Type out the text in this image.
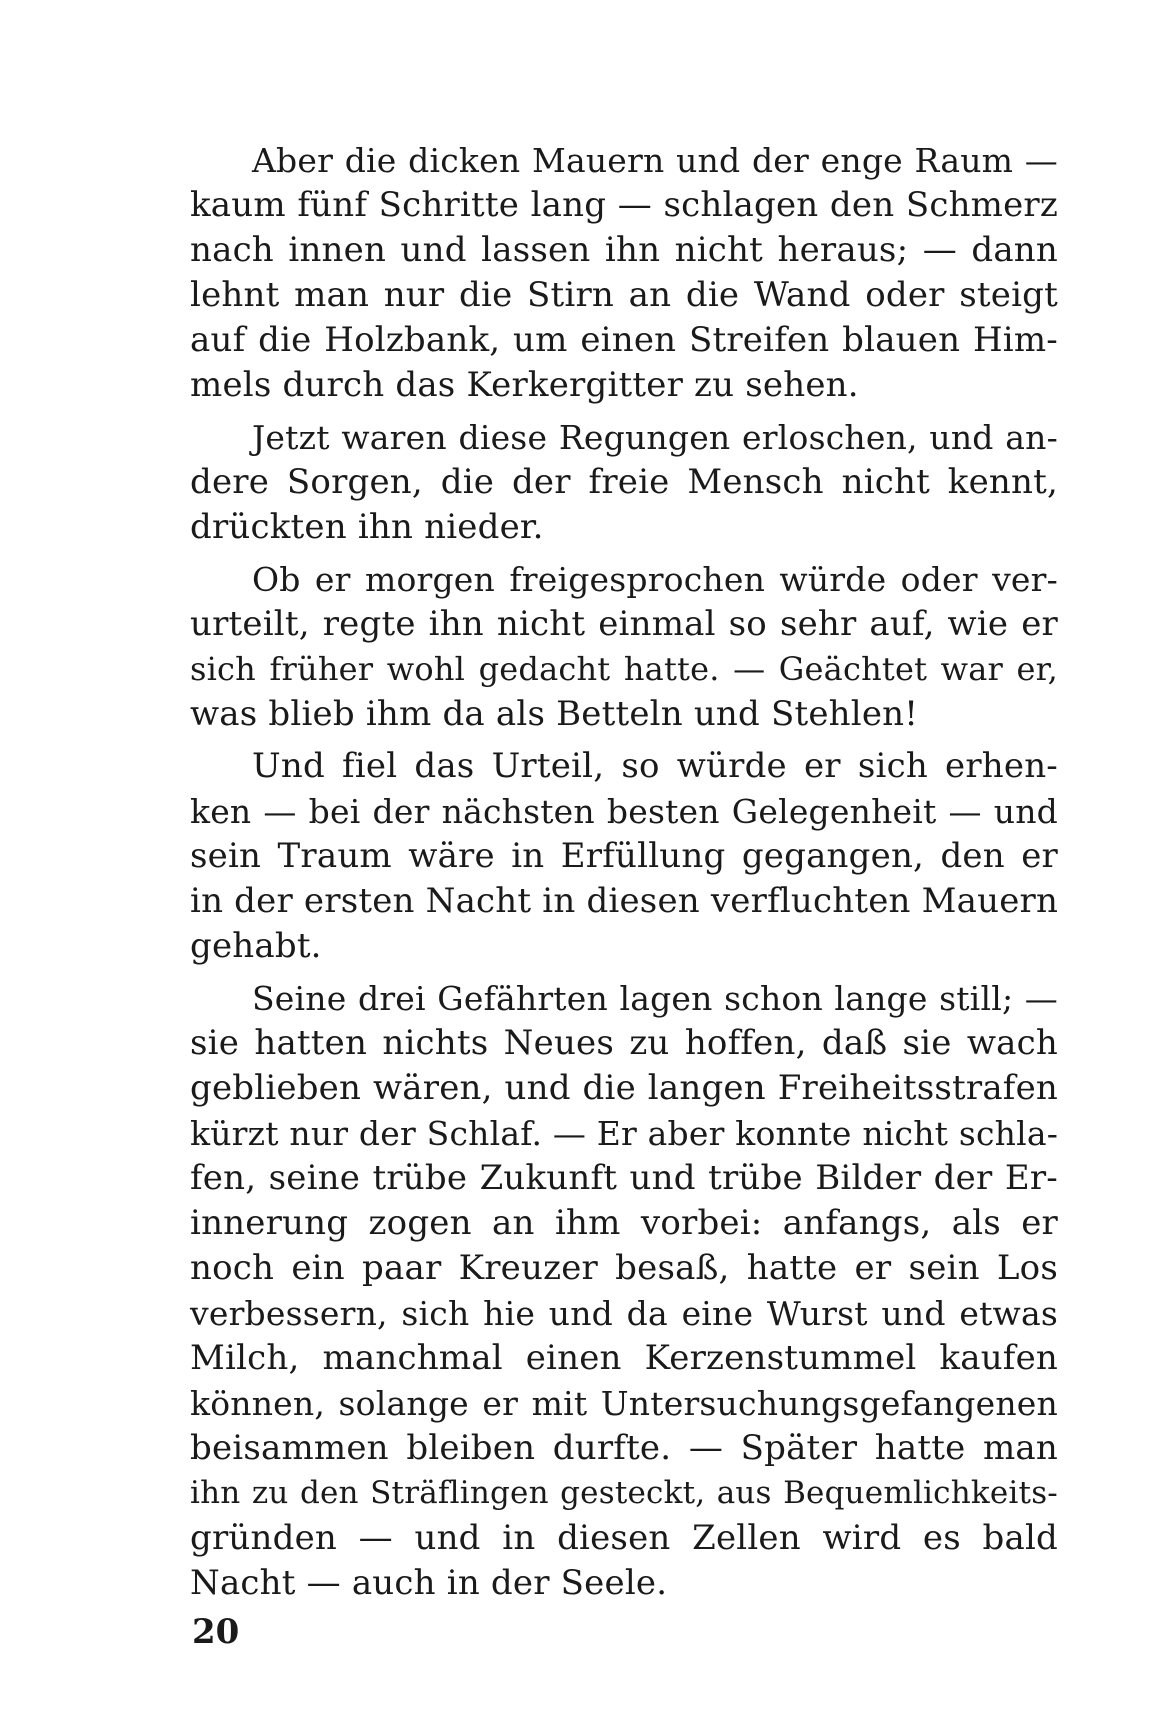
Aber die dicken Mauern und der enge Raum —
kaum fünf Schritte lang — schlagen den Schmerz
nach innen und lassen ihn nicht heraus; — dann
lehnt man nur die Stirn an die Wand oder steigt
auf die Holzbank, um einen Streifen blauen Him-
mels durch das Kerkergitter zu sehen.
Jetzt waren diese Regungen erloschen, und an-
dere Sorgen, die der freie Mensch nicht kennt,
drückten ihn nieder.
Ob er morgen freigesprochen würde oder ver-
urteilt, regte ihn nicht einmal so sehr auf, wie er
sich früher wohl gedacht hatte. — Geächtet war er,
was blieb ihm da als Betteln und Stehlen!
Und fiel das Urteil, so würde er sich erhen-
ken — bei der nächsten besten Gelegenheit — und
sein Traum wäre in Erfüllung gegangen, den er
in der ersten Nacht in diesen verfluchten Mauern
gehabt.
Seine drei Gefährten lagen schon lange still; —
sie hatten nichts Neues zu hoffen, daß sie wach
geblieben wären, und die langen Freiheitsstrafen
kürzt nur der Schlaf. — Er aber konnte nicht schla-
fen, seine trübe Zukunft und trübe Bilder der Er-
innerung zogen an ihm vorbei: anfangs, als er
noch ein paar Kreuzer besaß, hatte er sein Los
verbessern, sich hie und da eine Wurst und etwas
Milch, manchmal einen Kerzenstummel kaufen
können, solange er mit Untersuchungsgefangenen
beisammen bleiben durfte. — Später hatte man
ihn zu den Sträflingen gesteckt, aus Bequemlichkeits-
gründen — und in diesen Zellen wird es bald
Nacht — auch in der Seele.
20
